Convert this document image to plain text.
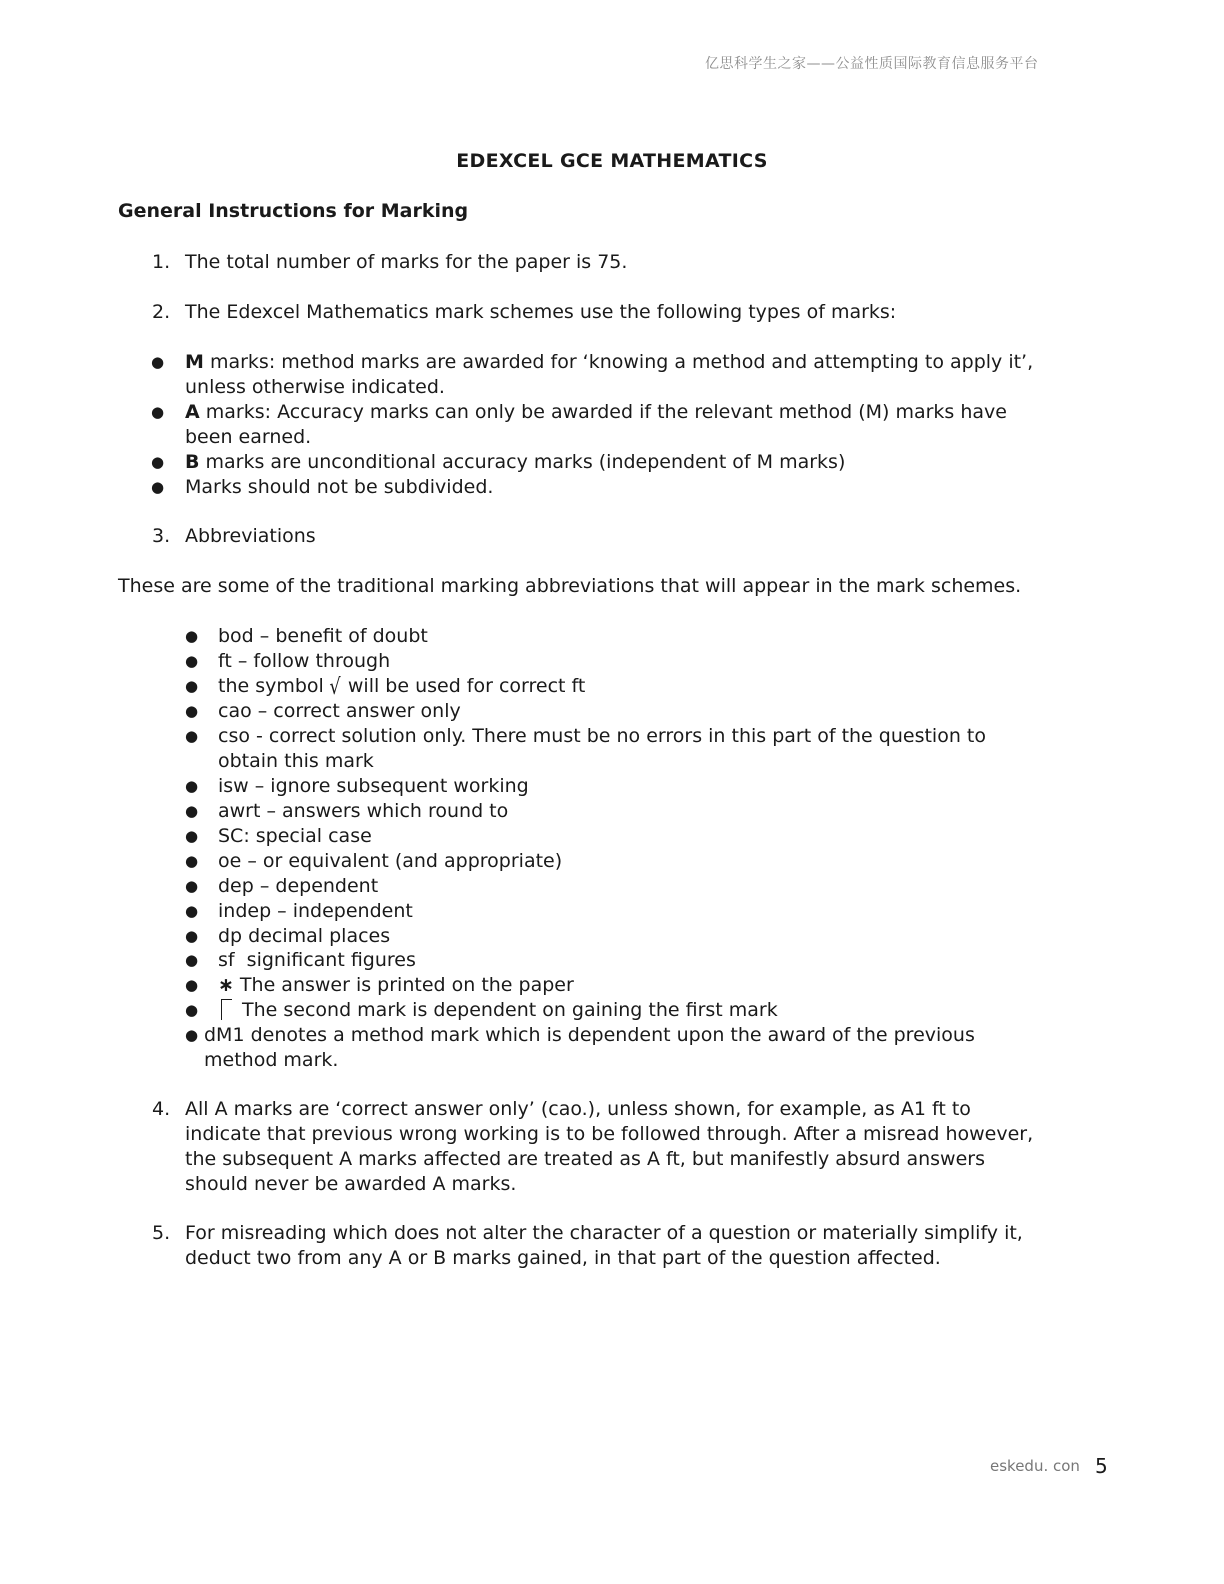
亿思科学生之家——公益性质国际教育信息服务平台
EDEXCEL GCE MATHEMATICS
General Instructions for Marking
1. The total number of marks for the paper is 75.
2. The Edexcel Mathematics mark schemes use the following types of marks:
● M marks: method marks are awarded for ‘knowing a method and attempting to apply it’,
unless otherwise indicated.
● A marks: Accuracy marks can only be awarded if the relevant method (M) marks have
been earned.
● B marks are unconditional accuracy marks (independent of M marks)
● Marks should not be subdivided.
3. Abbreviations
These are some of the traditional marking abbreviations that will appear in the mark schemes.
● bod – benefit of doubt
● ft – follow through
● the symbol √ will be used for correct ft
● cao – correct answer only
● cso - correct solution only. There must be no errors in this part of the question to
obtain this mark
● isw – ignore subsequent working
● awrt – answers which round to
● SC: special case
● oe – or equivalent (and appropriate)
● dep – dependent
● indep – independent
● dp decimal places
● sf  significant figures
● ∗ The answer is printed on the paper
●	The second mark is dependent on gaining the first mark
● dM1 denotes a method mark which is dependent upon the award of the previous
method mark.
4. All A marks are ‘correct answer only’ (cao.), unless shown, for example, as A1 ft to
indicate that previous wrong working is to be followed through. After a misread however,
the subsequent A marks affected are treated as A ft, but manifestly absurd answers
should never be awarded A marks.
5. For misreading which does not alter the character of a question or materially simplify it,
deduct two from any A or B marks gained, in that part of the question affected.
eskedu. con 5
